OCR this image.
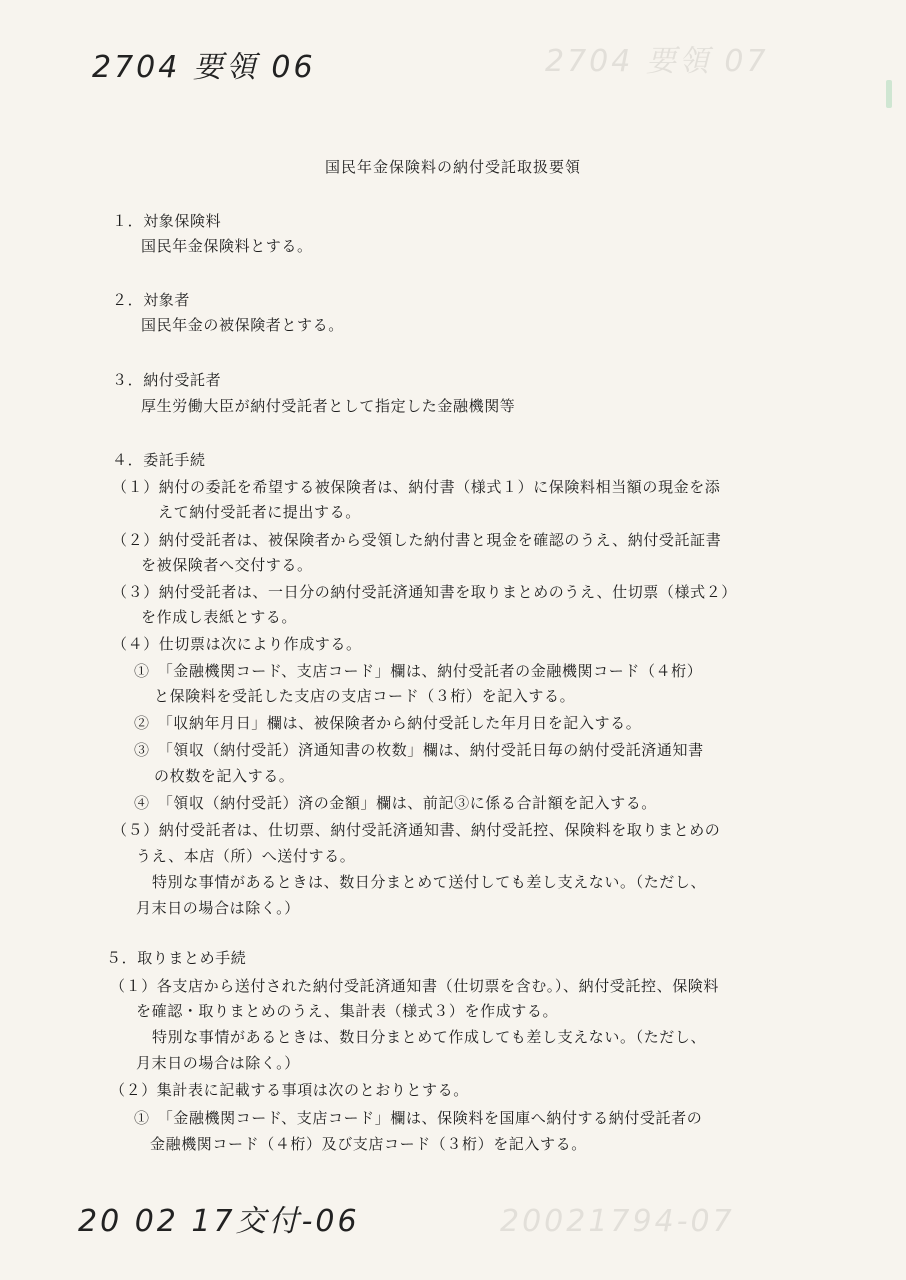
2704 要領 07
20021794-07
2704 要領 06
国民年金保険料の納付受託取扱要領
１．対象保険料
国民年金保険料とする。
２．対象者
国民年金の被保険者とする。
３．納付受託者
厚生労働大臣が納付受託者として指定した金融機関等
４．委託手続
（１）納付の委託を希望する被保険者は、納付書（様式１）に保険料相当額の現金を添
えて納付受託者に提出する。
（２）納付受託者は、被保険者から受領した納付書と現金を確認のうえ、納付受託証書
を被保険者へ交付する。
（３）納付受託者は、一日分の納付受託済通知書を取りまとめのうえ、仕切票（様式２）
を作成し表紙とする。
（４）仕切票は次により作成する。
①　「金融機関コード、支店コード」欄は、納付受託者の金融機関コード（４桁）
と保険料を受託した支店の支店コード（３桁）を記入する。
②　「収納年月日」欄は、被保険者から納付受託した年月日を記入する。
③　「領収（納付受託）済通知書の枚数」欄は、納付受託日毎の納付受託済通知書
の枚数を記入する。
④　「領収（納付受託）済の金額」欄は、前記③に係る合計額を記入する。
（５）納付受託者は、仕切票、納付受託済通知書、納付受託控、保険料を取りまとめの
うえ、本店（所）へ送付する。
特別な事情があるときは、数日分まとめて送付しても差し支えない。（ただし、
月末日の場合は除く。）
５．取りまとめ手続
（１）各支店から送付された納付受託済通知書（仕切票を含む。）、納付受託控、保険料
を確認・取りまとめのうえ、集計表（様式３）を作成する。
特別な事情があるときは、数日分まとめて作成しても差し支えない。（ただし、
月末日の場合は除く。）
（２）集計表に記載する事項は次のとおりとする。
①　「金融機関コード、支店コード」欄は、保険料を国庫へ納付する納付受託者の
金融機関コード（４桁）及び支店コード（３桁）を記入する。
20 02 17交付-06
